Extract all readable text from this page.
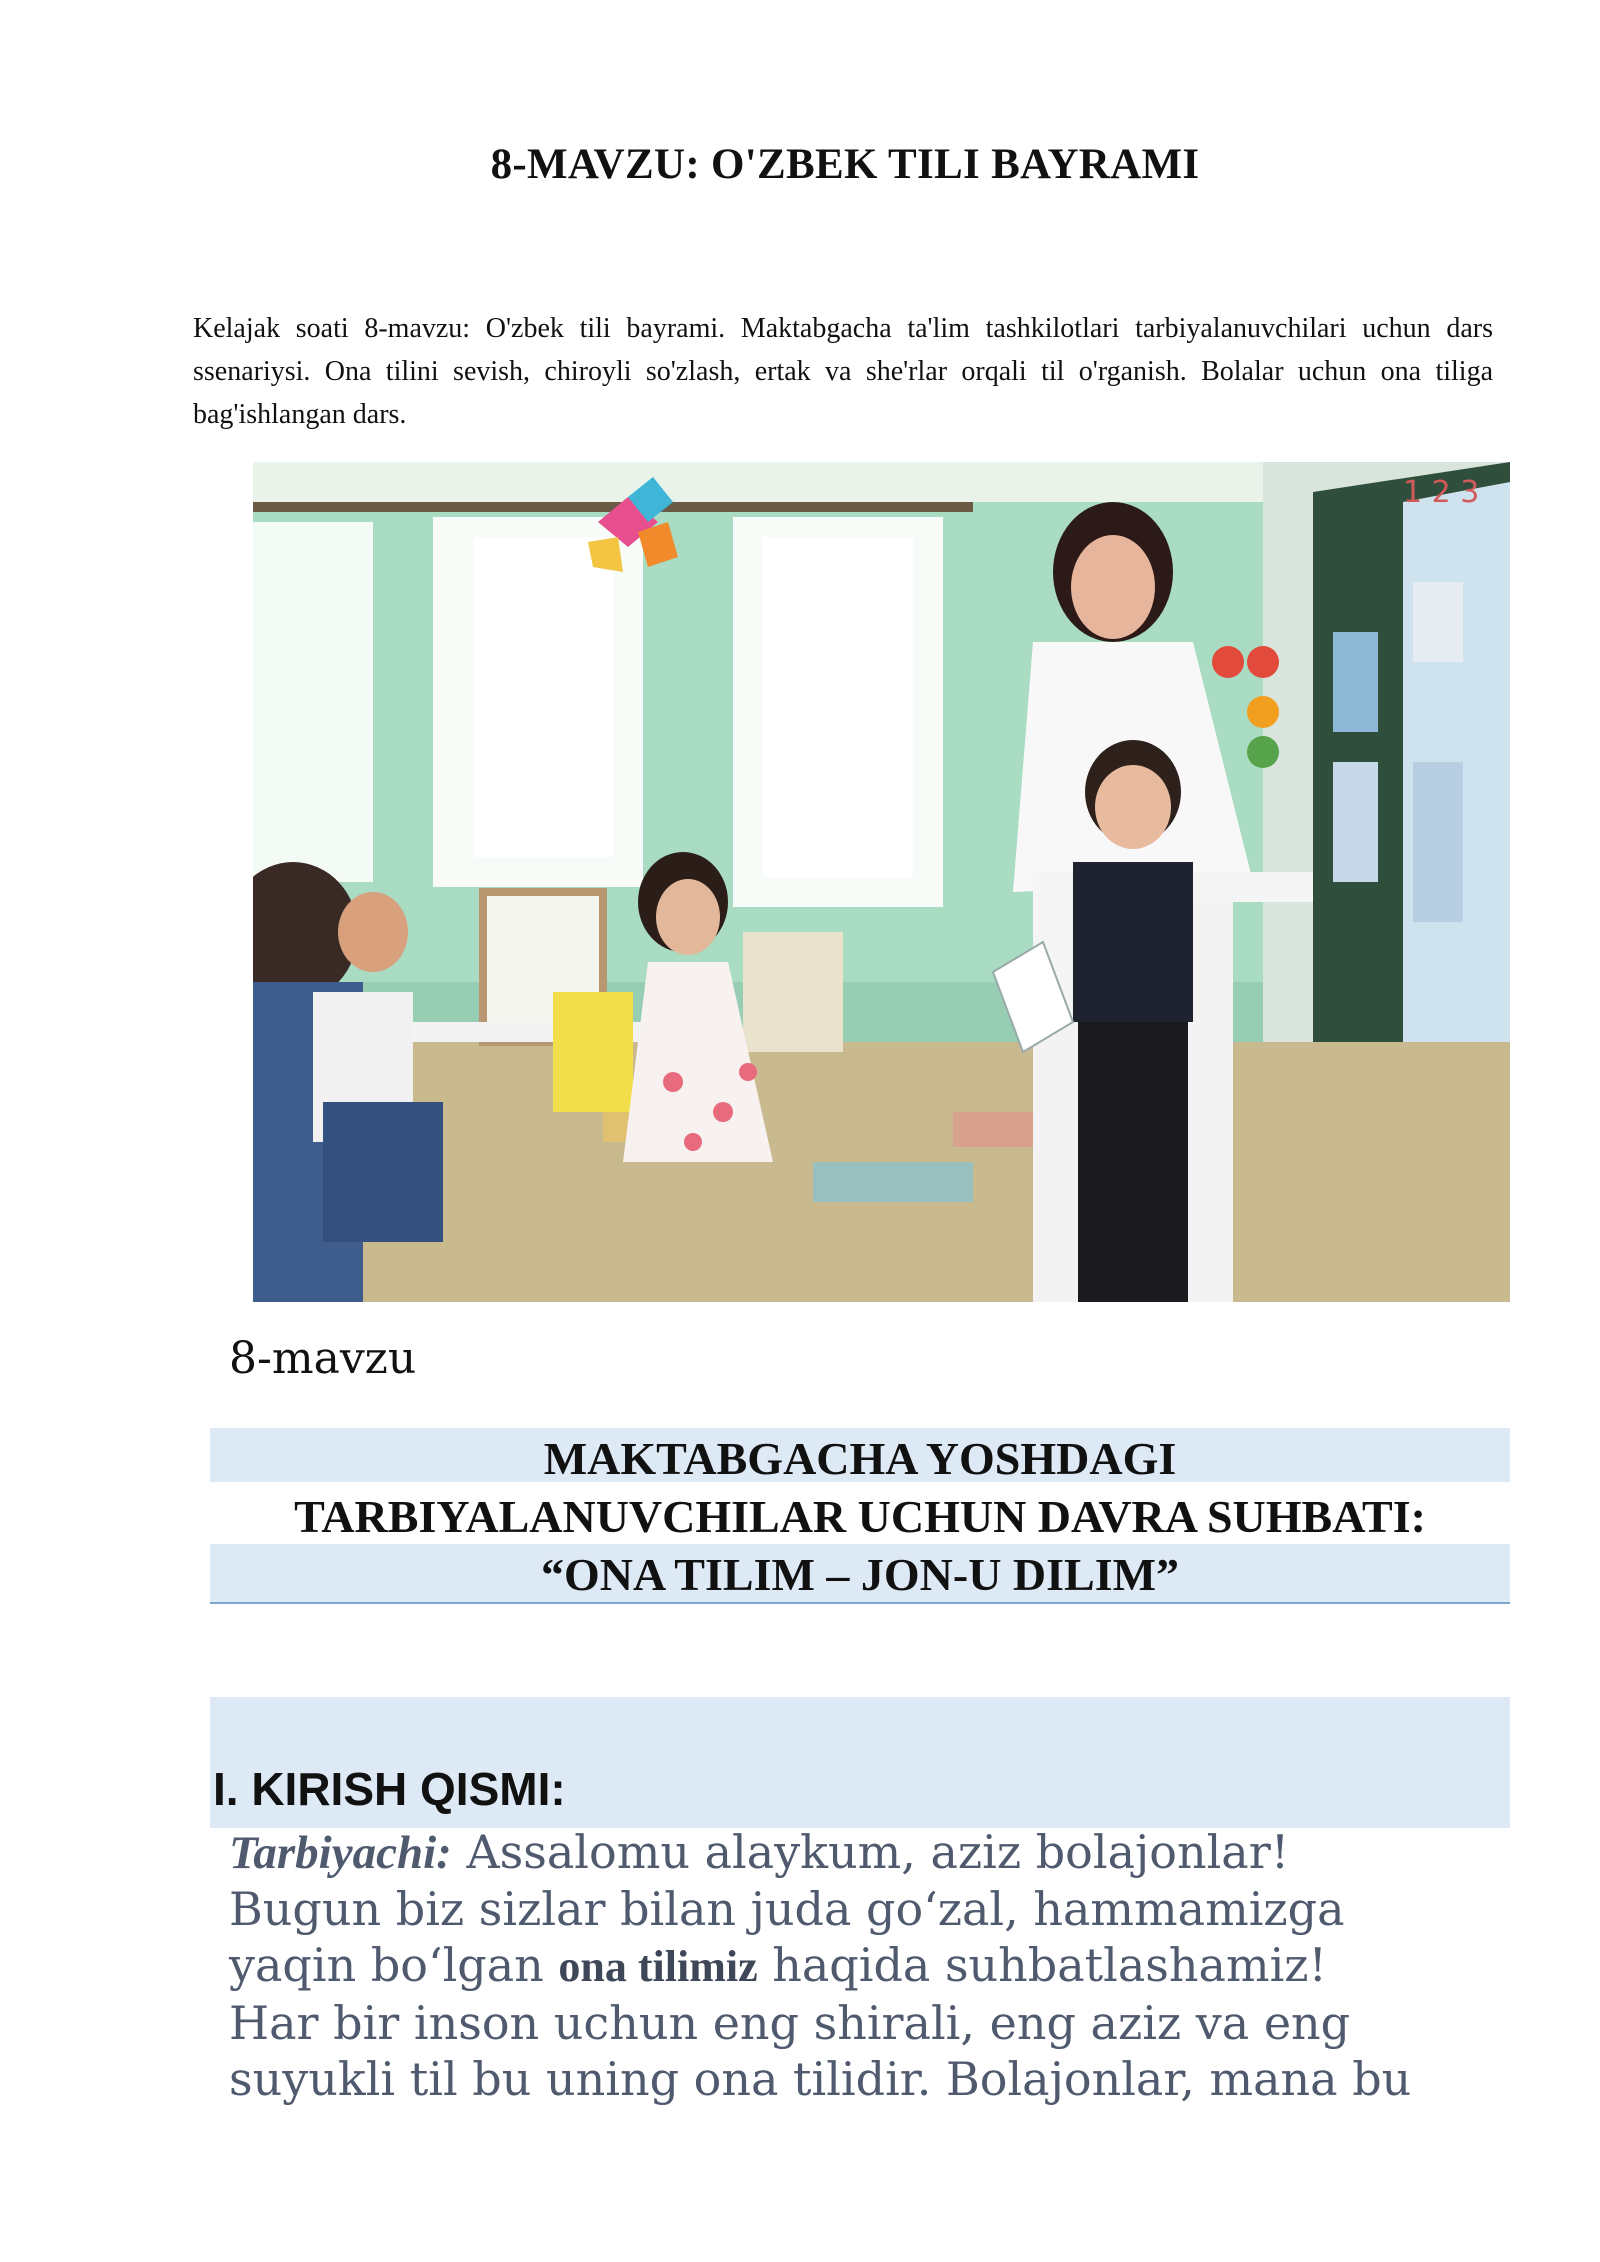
8-MAVZU: O'ZBEK TILI BAYRAMI
Kelajak soati 8-mavzu: O'zbek tili bayrami. Maktabgacha ta'lim tashkilotlari tarbiyalanuvchilari uchun dars ssenariysi. Ona tilini sevish, chiroyli so'zlash, ertak va she'rlar orqali til o'rganish. Bolalar uchun ona tiliga bag'ishlangan dars.
1 2 3
8-mavzu
MAKTABGACHA YOSHDAGI
TARBIYALANUVCHILAR UCHUN DAVRA SUHBATI:
“ONA TILIM – JON-U DILIM”
I. KIRISH QISMI:
Tarbiyachi: Assalomu alaykum, aziz bolajonlar!
Bugun biz sizlar bilan juda go‘zal, hammamizga
yaqin bo‘lgan ona tilimiz haqida suhbatlashamiz!
Har bir inson uchun eng shirali, eng aziz va eng
suyukli til bu uning ona tilidir. Bolajonlar, mana bu
